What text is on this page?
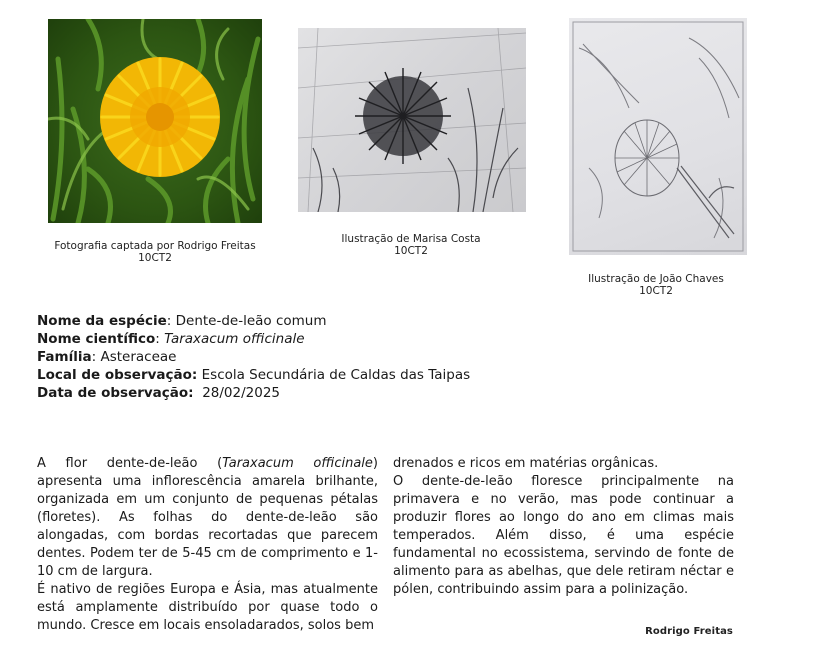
Fotografia captada por Rodrigo Freitas
10CT2
Ilustração de Marisa Costa
10CT2
Ilustração de João Chaves
10CT2
Nome da espécie: Dente-de-leão comum
Nome científico: Taraxacum officinale
Família: Asteraceae
Local de observação: Escola Secundária de Caldas das Taipas
Data de observação: 28/02/2025

A flor dente-de-leão (Taraxacum officinale) apresenta uma inflorescência amarela brilhante, organizada em um conjunto de pequenas pétalas (floretes). As folhas do dente-de-leão são alongadas, com bordas recortadas que parecem dentes. Podem ter de 5-45 cm de comprimento e 1-10 cm de largura.

É nativo de regiões Europa e Ásia, mas atualmente está amplamente distribuído por quase todo o mundo. Cresce em locais ensoladarados, solos bem

drenados e ricos em matérias orgânicas.

O dente-de-leão floresce principalmente na primavera e no verão, mas pode continuar a produzir flores ao longo do ano em climas mais temperados. Além disso, é uma espécie fundamental no ecossistema, servindo de fonte de alimento para as abelhas, que dele retiram néctar e pólen, contribuindo assim para a polinização.

Rodrigo Freitas
